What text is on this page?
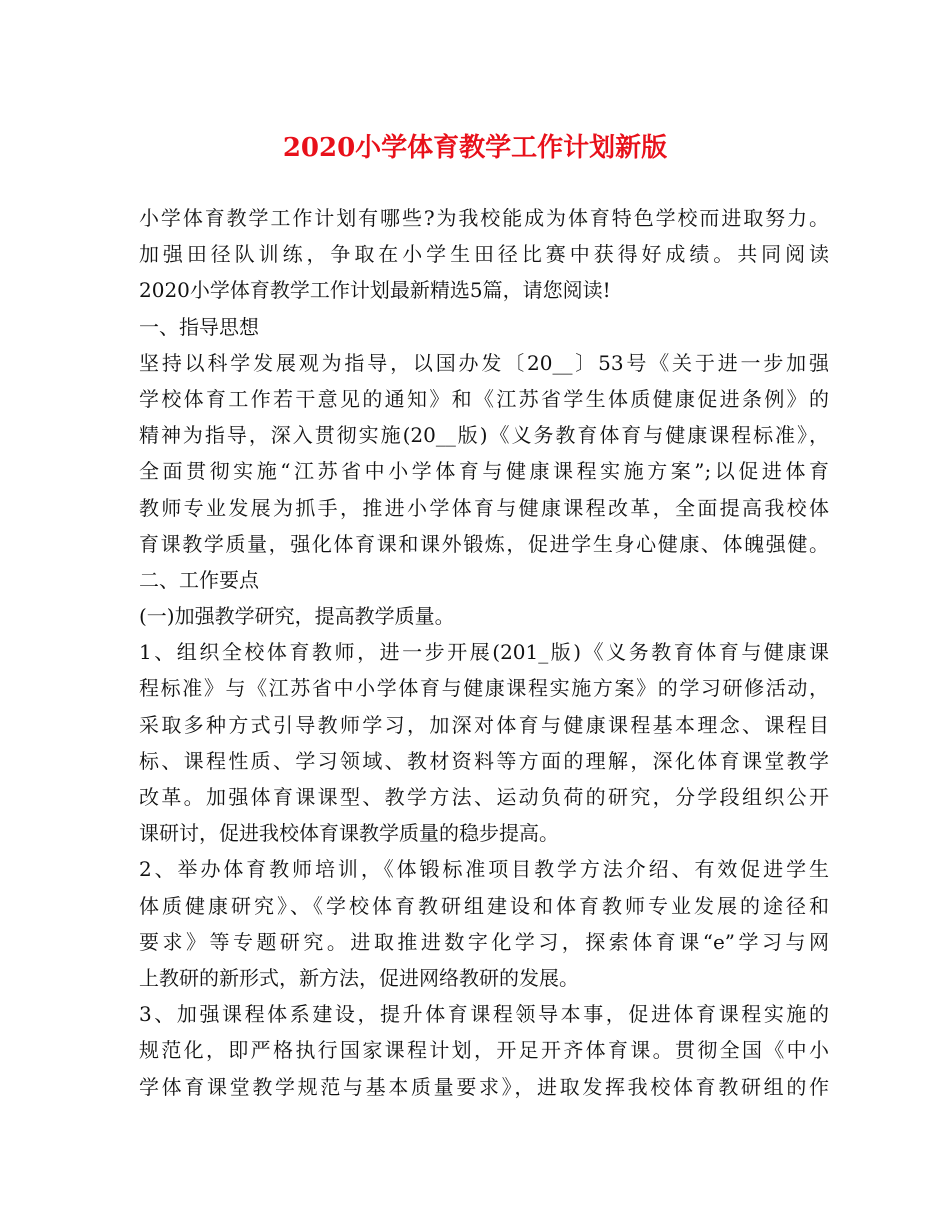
2020小学体育教学工作计划新版
小学体育教学工作计划有哪些?为我校能成为体育特色学校而进取努力。
加强田径队训练，争取在小学生田径比赛中获得好成绩。共同阅读
2020小学体育教学工作计划最新精选5篇，请您阅读!
一、指导思想
坚持以科学发展观为指导，以国办发〔20__〕53号《关于进一步加强
学校体育工作若干意见的通知》和《江苏省学生体质健康促进条例》的
精神为指导，深入贯彻实施(20__版)《义务教育体育与健康课程标准》，
全面贯彻实施“江苏省中小学体育与健康课程实施方案”;以促进体育
教师专业发展为抓手，推进小学体育与健康课程改革，全面提高我校体
育课教学质量，强化体育课和课外锻炼，促进学生身心健康、体魄强健。
二、工作要点
(一)加强教学研究，提高教学质量。
1、组织全校体育教师，进一步开展(201_版)《义务教育体育与健康课
程标准》与《江苏省中小学体育与健康课程实施方案》的学习研修活动，
采取多种方式引导教师学习，加深对体育与健康课程基本理念、课程目
标、课程性质、学习领域、教材资料等方面的理解，深化体育课堂教学
改革。加强体育课课型、教学方法、运动负荷的研究，分学段组织公开
课研讨，促进我校体育课教学质量的稳步提高。
2、举办体育教师培训，《体锻标准项目教学方法介绍、有效促进学生
体质健康研究》、《学校体育教研组建设和体育教师专业发展的途径和
要求》等专题研究。进取推进数字化学习，探索体育课“e”学习与网
上教研的新形式，新方法，促进网络教研的发展。
3、加强课程体系建设，提升体育课程领导本事，促进体育课程实施的
规范化，即严格执行国家课程计划，开足开齐体育课。贯彻全国《中小
学体育课堂教学规范与基本质量要求》，进取发挥我校体育教研组的作
